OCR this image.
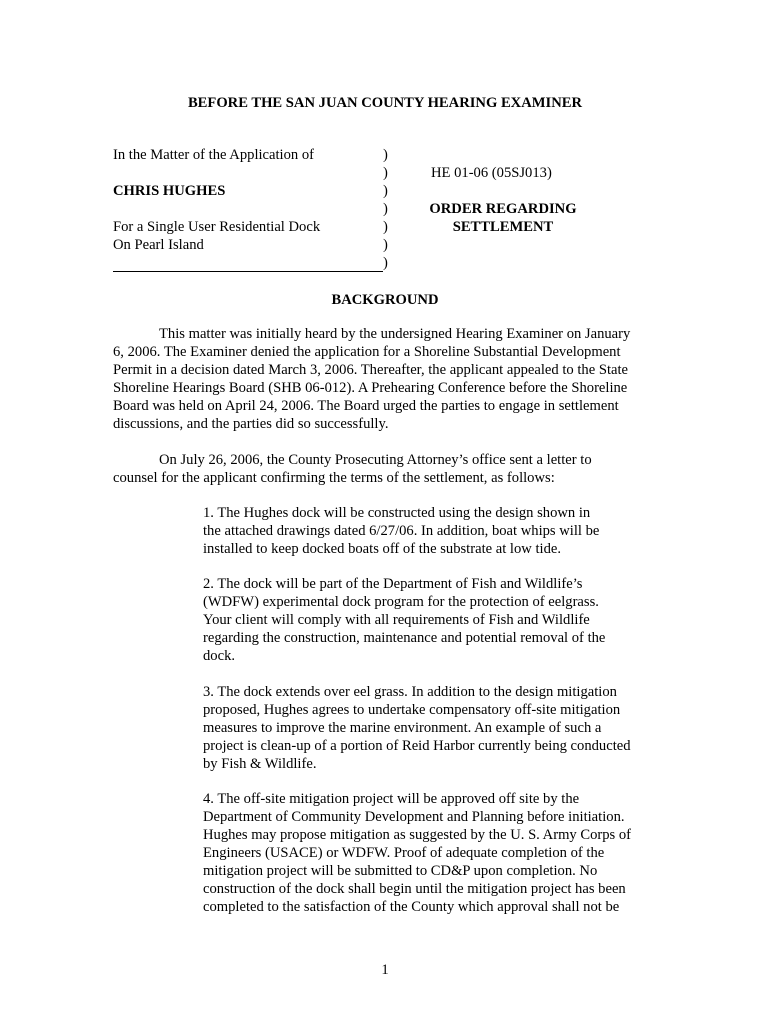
BEFORE THE SAN JUAN COUNTY HEARING EXAMINER
In the Matter of the Application of
CHRIS HUGHES
For a Single User Residential Dock
On Pearl Island
)
)
)
)
)
)
)
HE 01-06 (05SJ013)
ORDER REGARDING
SETTLEMENT
BACKGROUND
This matter was initially heard by the undersigned Hearing Examiner on January
6, 2006. The Examiner denied the application for a Shoreline Substantial Development
Permit in a decision dated March 3, 2006. Thereafter, the applicant appealed to the State
Shoreline Hearings Board (SHB 06-012). A Prehearing Conference before the Shoreline
Board was held on April 24, 2006. The Board urged the parties to engage in settlement
discussions, and the parties did so successfully.
On July 26, 2006, the County Prosecuting Attorney’s office sent a letter to
counsel for the applicant confirming the terms of the settlement, as follows:
1. The Hughes dock will be constructed using the design shown in
the attached drawings dated 6/27/06. In addition, boat whips will be
installed to keep docked boats off of the substrate at low tide.
2. The dock will be part of the Department of Fish and Wildlife’s
(WDFW) experimental dock program for the protection of eelgrass.
Your client will comply with all requirements of Fish and Wildlife
regarding the construction, maintenance and potential removal of the
dock.
3. The dock extends over eel grass. In addition to the design mitigation
proposed, Hughes agrees to undertake compensatory off-site mitigation
measures to improve the marine environment. An example of such a
project is clean-up of a portion of Reid Harbor currently being conducted
by Fish & Wildlife.
4. The off-site mitigation project will be approved off site by the
Department of Community Development and Planning before initiation.
Hughes may propose mitigation as suggested by the U. S. Army Corps of
Engineers (USACE) or WDFW. Proof of adequate completion of the
mitigation project will be submitted to CD&P upon completion. No
construction of the dock shall begin until the mitigation project has been
completed to the satisfaction of the County which approval shall not be
1
